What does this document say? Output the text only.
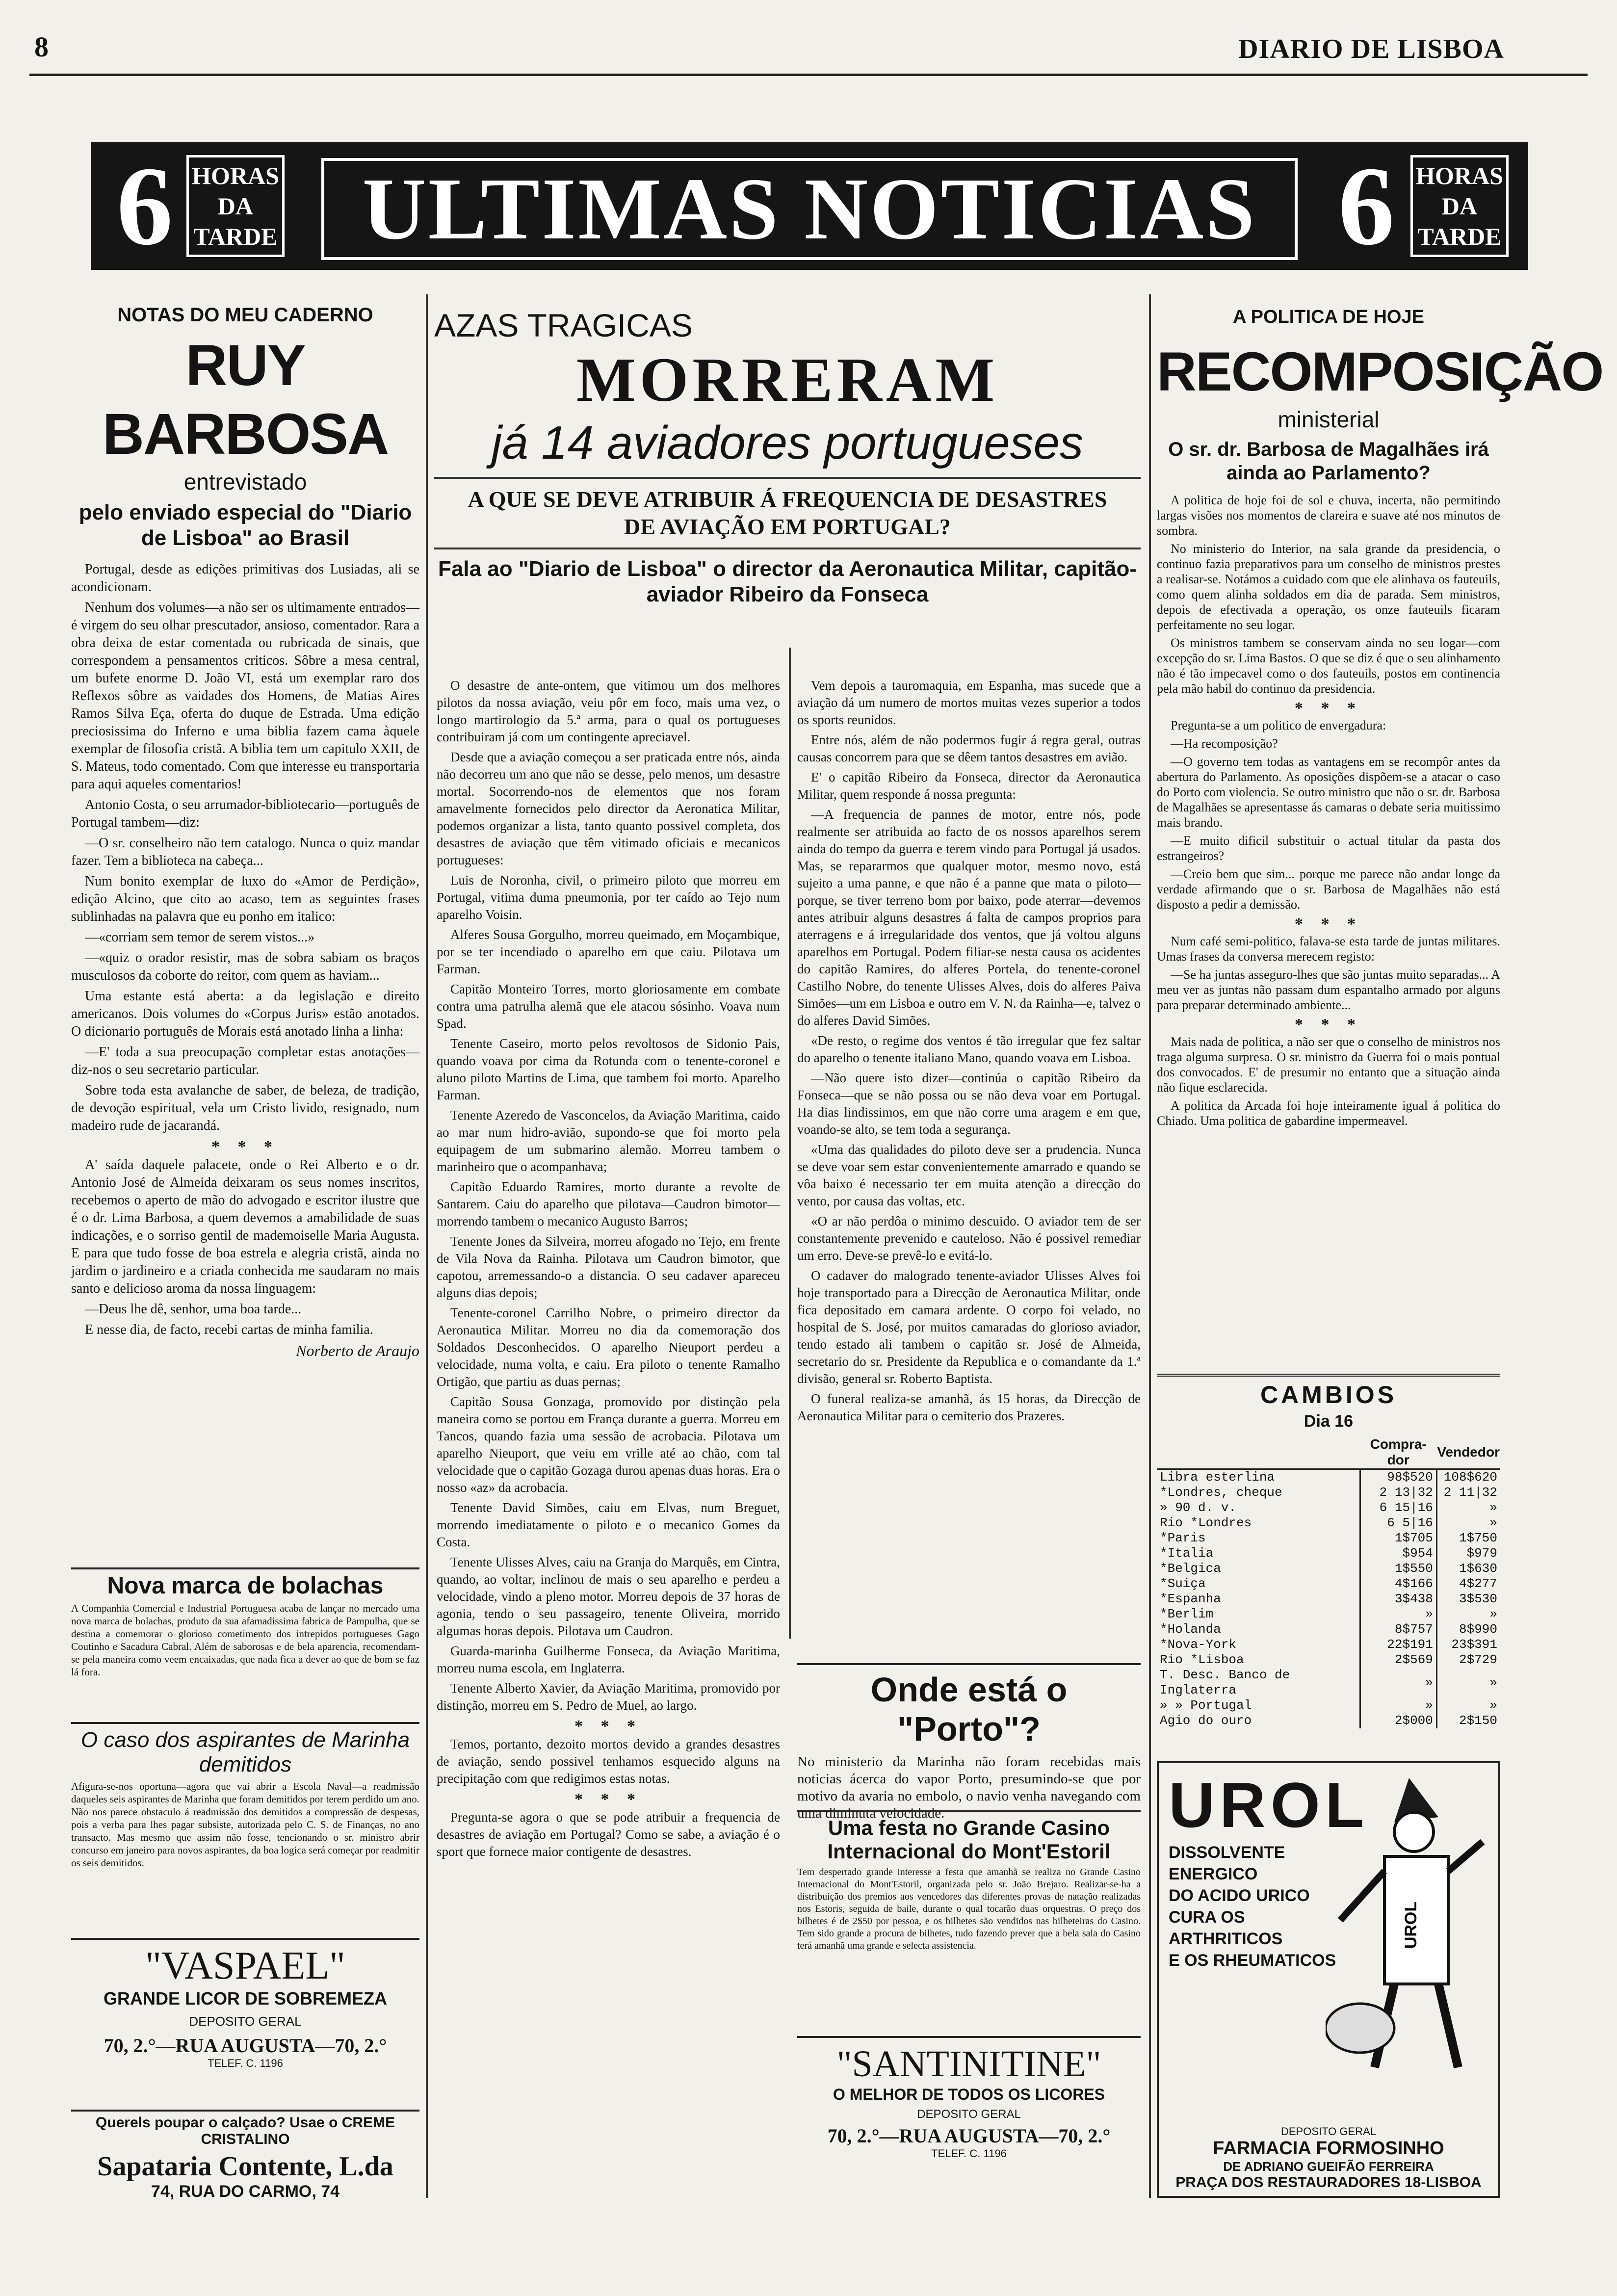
8	DIARIO DE LISBOA
6 HORAS
DA
TARDE ULTIMAS NOTICIAS 6 HORAS
DA
TARDE
NOTAS DO MEU CADERNO
RUY BARBOSA
entrevistado
pelo enviado especial do "Diario de Lisboa" ao Brasil

Portugal, desde as edições primitivas dos Lusiadas, ali se acondicionam.

Nenhum dos volumes—a não ser os ultimamente entrados—é virgem do seu olhar prescutador, ansioso, comentador. Rara a obra deixa de estar comentada ou rubricada de sinais, que correspondem a pensamentos criticos. Sôbre a mesa central, um bufete enorme D. João VI, está um exemplar raro dos Reflexos sôbre as vaidades dos Homens, de Matias Aires Ramos Silva Eça, oferta do duque de Estrada. Uma edição preciosissima do Inferno e uma biblia fazem cama àquele exemplar de filosofia cristã. A biblia tem um capitulo XXII, de S. Mateus, todo comentado. Com que interesse eu transportaria para aqui aqueles comentarios!

Antonio Costa, o seu arrumador-bibliotecario—português de Portugal tambem—diz:

—O sr. conselheiro não tem catalogo. Nunca o quiz mandar fazer. Tem a biblioteca na cabeça...

Num bonito exemplar de luxo do «Amor de Perdição», edição Alcino, que cito ao acaso, tem as seguintes frases sublinhadas na palavra que eu ponho em italico:

—«corriam sem temor de serem vistos...»

—«quiz o orador resistir, mas de sobra sabiam os braços musculosos da coborte do reitor, com quem as haviam...

Uma estante está aberta: a da legislação e direito americanos. Dois volumes do «Corpus Juris» estão anotados. O dicionario português de Morais está anotado linha a linha:

—E' toda a sua preocupação completar estas anotações—diz-nos o seu secretario particular.

Sobre toda esta avalanche de saber, de beleza, de tradição, de devoção espiritual, vela um Cristo livido, resignado, num madeiro rude de jacarandá.

* * *

A' saída daquele palacete, onde o Rei Alberto e o dr. Antonio José de Almeida deixaram os seus nomes inscritos, recebemos o aperto de mão do advogado e escritor ilustre que é o dr. Lima Barbosa, a quem devemos a amabilidade de suas indicações, e o sorriso gentil de mademoiselle Maria Augusta. E para que tudo fosse de boa estrela e alegria cristã, ainda no jardim o jardineiro e a criada conhecida me saudaram no mais santo e delicioso aroma da nossa linguagem:

—Deus lhe dê, senhor, uma boa tarde...

E nesse dia, de facto, recebi cartas de minha familia.

Norberto de Araujo
Nova marca de bolachas
A Companhia Comercial e Industrial Portuguesa acaba de lançar no mercado uma nova marca de bolachas, produto da sua afamadissima fabrica de Pampulha, que se destina a comemorar o glorioso cometimento dos intrepidos portugueses Gago Coutinho e Sacadura Cabral. Além de saborosas e de bela aparencia, recomendam-se pela maneira como veem encaixadas, que nada fica a dever ao que de bom se faz lá fora.
O caso dos aspirantes de Marinha demitidos
Afigura-se-nos oportuna—agora que vai abrir a Escola Naval—a readmissão daqueles seis aspirantes de Marinha que foram demitidos por terem perdido um ano. Não nos parece obstaculo á readmissão dos demitidos a compressão de despesas, pois a verba para lhes pagar subsiste, autorizada pelo C. S. de Finanças, no ano transacto. Mas mesmo que assim não fosse, tencionando o sr. ministro abrir concurso em janeiro para novos aspirantes, da boa logica será começar por readmitir os seis demitidos.
"VASPAEL"
GRANDE LICOR DE SOBREMEZA
DEPOSITO GERAL
70, 2.°—RUA AUGUSTA—70, 2.°
TELEF. C. 1196
Querels poupar o calçado? Usae o CREME CRISTALINO
Sapataria Contente, L.da
74, RUA DO CARMO, 74
AZAS TRAGICAS
MORRERAM
já 14 aviadores portugueses
A QUE SE DEVE ATRIBUIR Á FREQUENCIA DE DESASTRES DE AVIAÇÃO EM PORTUGAL?
Fala ao "Diario de Lisboa" o director da Aeronautica Militar, capitão-aviador Ribeiro da Fonseca

O desastre de ante-ontem, que vitimou um dos melhores pilotos da nossa aviação, veiu pôr em foco, mais uma vez, o longo martirologio da 5.ª arma, para o qual os portugueses contribuiram já com um contingente apreciavel.

Desde que a aviação começou a ser praticada entre nós, ainda não decorreu um ano que não se desse, pelo menos, um desastre mortal. Socorrendo-nos de elementos que nos foram amavelmente fornecidos pelo director da Aeronatica Militar, podemos organizar a lista, tanto quanto possivel completa, dos desastres de aviação que têm vitimado oficiais e mecanicos portugueses:

Luis de Noronha, civil, o primeiro piloto que morreu em Portugal, vitima duma pneumonia, por ter caído ao Tejo num aparelho Voisin.

Alferes Sousa Gorgulho, morreu queimado, em Moçambique, por se ter incendiado o aparelho em que caiu. Pilotava um Farman.

Capitão Monteiro Torres, morto gloriosamente em combate contra uma patrulha alemã que ele atacou sósinho. Voava num Spad.

Tenente Caseiro, morto pelos revoltosos de Sidonio Pais, quando voava por cima da Rotunda com o tenente-coronel e aluno piloto Martins de Lima, que tambem foi morto. Aparelho Farman.

Tenente Azeredo de Vasconcelos, da Aviação Maritima, caido ao mar num hidro-avião, supondo-se que foi morto pela equipagem de um submarino alemão. Morreu tambem o marinheiro que o acompanhava;

Capitão Eduardo Ramires, morto durante a revolte de Santarem. Caiu do aparelho que pilotava—Caudron bimotor—morrendo tambem o mecanico Augusto Barros;

Tenente Jones da Silveira, morreu afogado no Tejo, em frente de Vila Nova da Rainha. Pilotava um Caudron bimotor, que capotou, arremessando-o a distancia. O seu cadaver apareceu alguns dias depois;

Tenente-coronel Carrilho Nobre, o primeiro director da Aeronautica Militar. Morreu no dia da comemoração dos Soldados Desconhecidos. O aparelho Nieuport perdeu a velocidade, numa volta, e caiu. Era piloto o tenente Ramalho Ortigão, que partiu as duas pernas;

Capitão Sousa Gonzaga, promovido por distinção pela maneira como se portou em França durante a guerra. Morreu em Tancos, quando fazia uma sessão de acrobacia. Pilotava um aparelho Nieuport, que veiu em vrille até ao chão, com tal velocidade que o capitão Gozaga durou apenas duas horas. Era o nosso «az» da acrobacia.

Tenente David Simões, caiu em Elvas, num Breguet, morrendo imediatamente o piloto e o mecanico Gomes da Costa.

Tenente Ulisses Alves, caiu na Granja do Marquês, em Cintra, quando, ao voltar, inclinou de mais o seu aparelho e perdeu a velocidade, vindo a pleno motor. Morreu depois de 37 horas de agonia, tendo o seu passageiro, tenente Oliveira, morrido algumas horas depois. Pilotava um Caudron.

Guarda-marinha Guilherme Fonseca, da Aviação Maritima, morreu numa escola, em Inglaterra.

Tenente Alberto Xavier, da Aviação Maritima, promovido por distinção, morreu em S. Pedro de Muel, ao largo.

* * *

Temos, portanto, dezoito mortos devido a grandes desastres de aviação, sendo possivel tenhamos esquecido alguns na precipitação com que redigimos estas notas.

* * *

Pregunta-se agora o que se pode atribuir a frequencia de desastres de aviação em Portugal? Como se sabe, a aviação é o sport que fornece maior contigente de desastres.

Vem depois a tauromaquia, em Espanha, mas sucede que a aviação dá um numero de mortos muitas vezes superior a todos os sports reunidos.

Entre nós, além de não podermos fugir á regra geral, outras causas concorrem para que se dêem tantos desastres em avião.

E' o capitão Ribeiro da Fonseca, director da Aeronautica Militar, quem responde á nossa pregunta:

—A frequencia de pannes de motor, entre nós, pode realmente ser atribuida ao facto de os nossos aparelhos serem ainda do tempo da guerra e terem vindo para Portugal já usados. Mas, se repararmos que qualquer motor, mesmo novo, está sujeito a uma panne, e que não é a panne que mata o piloto—porque, se tiver terreno bom por baixo, pode aterrar—devemos antes atribuir alguns desastres á falta de campos proprios para aterragens e á irregularidade dos ventos, que já voltou alguns aparelhos em Portugal. Podem filiar-se nesta causa os acidentes do capitão Ramires, do alferes Portela, do tenente-coronel Castilho Nobre, do tenente Ulisses Alves, dois do alferes Paiva Simões—um em Lisboa e outro em V. N. da Rainha—e, talvez o do alferes David Simões.

«De resto, o regime dos ventos é tão irregular que fez saltar do aparelho o tenente italiano Mano, quando voava em Lisboa.

—Não quere isto dizer—continúa o capitão Ribeiro da Fonseca—que se não possa ou se não deva voar em Portugal. Ha dias lindissimos, em que não corre uma aragem e em que, voando-se alto, se tem toda a segurança.

«Uma das qualidades do piloto deve ser a prudencia. Nunca se deve voar sem estar convenientemente amarrado e quando se vôa baixo é necessario ter em muita atenção a direcção do vento, por causa das voltas, etc.

«O ar não perdôa o minimo descuido. O aviador tem de ser constantemente prevenido e cauteloso. Não é possivel remediar um erro. Deve-se prevê-lo e evitá-lo.

O cadaver do malogrado tenente-aviador Ulisses Alves foi hoje transportado para a Direcção de Aeronautica Militar, onde fica depositado em camara ardente. O corpo foi velado, no hospital de S. José, por muitos camaradas do glorioso aviador, tendo estado ali tambem o capitão sr. José de Almeida, secretario do sr. Presidente da Republica e o comandante da 1.ª divisão, general sr. Roberto Baptista.

O funeral realiza-se amanhã, ás 15 horas, da Direcção de Aeronautica Militar para o cemiterio dos Prazeres.

Onde está o "Porto"?
No ministerio da Marinha não foram recebidas mais noticias ácerca do vapor Porto, presumindo-se que por motivo da avaria no embolo, o navio venha navegando com uma diminuta velocidade.
Uma festa no Grande Casino Internacional do Mont'Estoril
Tem despertado grande interesse a festa que amanhã se realiza no Grande Casino Internacional do Mont'Estoril, organizada pelo sr. João Brejaro. Realizar-se-ha a distribuição dos premios aos vencedores das diferentes provas de natação realizadas nos Estoris, seguida de baile, durante o qual tocarão duas orquestras. O preço dos bilhetes é de 2$50 por pessoa, e os bilhetes são vendidos nas bilheteiras do Casino. Tem sido grande a procura de bilhetes, tudo fazendo prever que a bela sala do Casino terá amanhã uma grande e selecta assistencia.
"SANTINITINE"
O MELHOR DE TODOS OS LICORES
DEPOSITO GERAL
70, 2.°—RUA AUGUSTA—70, 2.°
TELEF. C. 1196
A POLITICA DE HOJE
RECOMPOSIÇÃO
ministerial
O sr. dr. Barbosa de Magalhães irá ainda ao Parlamento?

A politica de hoje foi de sol e chuva, incerta, não permitindo largas visões nos momentos de clareira e suave até nos minutos de sombra.

No ministerio do Interior, na sala grande da presidencia, o continuo fazia preparativos para um conselho de ministros prestes a realisar-se. Notámos a cuidado com que ele alinhava os fauteuils, como quem alinha soldados em dia de parada. Sem ministros, depois de efectivada a operação, os onze fauteuils ficaram perfeitamente no seu logar.

Os ministros tambem se conservam ainda no seu logar—com excepção do sr. Lima Bastos. O que se diz é que o seu alinhamento não é tão impecavel como o dos fauteuils, postos em continencia pela mão habil do continuo da presidencia.

* * *

Pregunta-se a um politico de envergadura:

—Ha recomposição?

—O governo tem todas as vantagens em se recompôr antes da abertura do Parlamento. As oposições dispõem-se a atacar o caso do Porto com violencia. Se outro ministro que não o sr. dr. Barbosa de Magalhães se apresentasse ás camaras o debate seria muitissimo mais brando.

—E muito dificil substituir o actual titular da pasta dos estrangeiros?

—Creio bem que sim... porque me parece não andar longe da verdade afirmando que o sr. Barbosa de Magalhães não está disposto a pedir a demissão.

* * *

Num café semi-politico, falava-se esta tarde de juntas militares. Umas frases da conversa merecem registo:

—Se ha juntas asseguro-lhes que são juntas muito separadas... A meu ver as juntas não passam dum espantalho armado por alguns para preparar determinado ambiente...

* * *

Mais nada de politica, a não ser que o conselho de ministros nos traga alguma surpresa. O sr. ministro da Guerra foi o mais pontual dos convocados. E' de presumir no entanto que a situação ainda não fique esclarecida.

A politica da Arcada foi hoje inteiramente igual á politica do Chiado. Uma politica de gabardine impermeavel.

CAMBIOS
Dia 16
	Compra-dor	Vendedor
Libra esterlina	98$520	108$620
*Londres, cheque	2 13|32	2 11|32
» 90 d. v.	6 15|16	»
Rio *Londres	6 5|16	»
*Paris	1$705	1$750
*Italia	$954	$979
*Belgica	1$550	1$630
*Suiça	4$166	4$277
*Espanha	3$438	3$530
*Berlim	»	»
*Holanda	8$757	8$990
*Nova-York	22$191	23$391
Rio *Lisboa	2$569	2$729
T. Desc. Banco de Inglaterra	»	»
» » Portugal	»	»
Agio do ouro	2$000	2$150
UROL
DISSOLVENTE ENERGICO
DO ACIDO URICO
CURA OS ARTHRITICOS
E OS RHEUMATICOS
UROL
DEPOSITO GERAL
FARMACIA FORMOSINHO
DE ADRIANO GUEIFÃO FERREIRA
PRAÇA DOS RESTAURADORES 18-LISBOA
